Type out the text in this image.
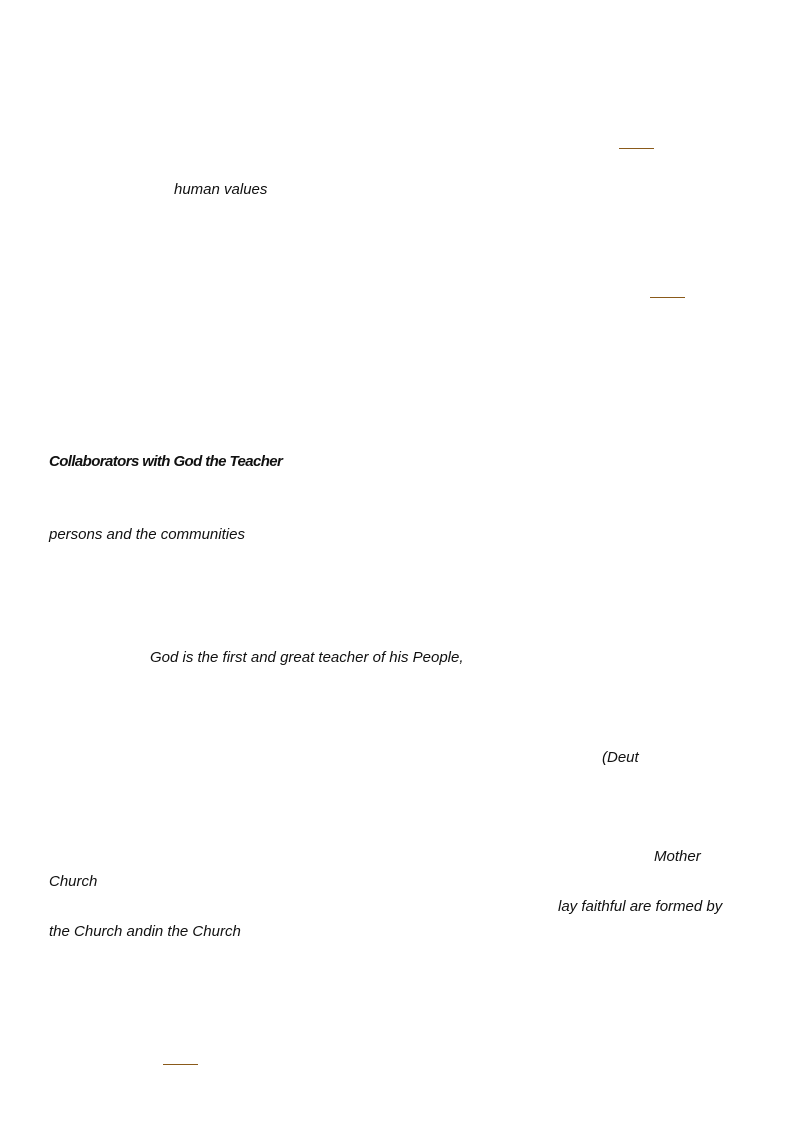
human values
Collaborators with God the Teacher
persons and the communities
God is the first and great teacher of his People,
(Deut
Mother
Church
lay faithful are formed by
the Church andin the Church
